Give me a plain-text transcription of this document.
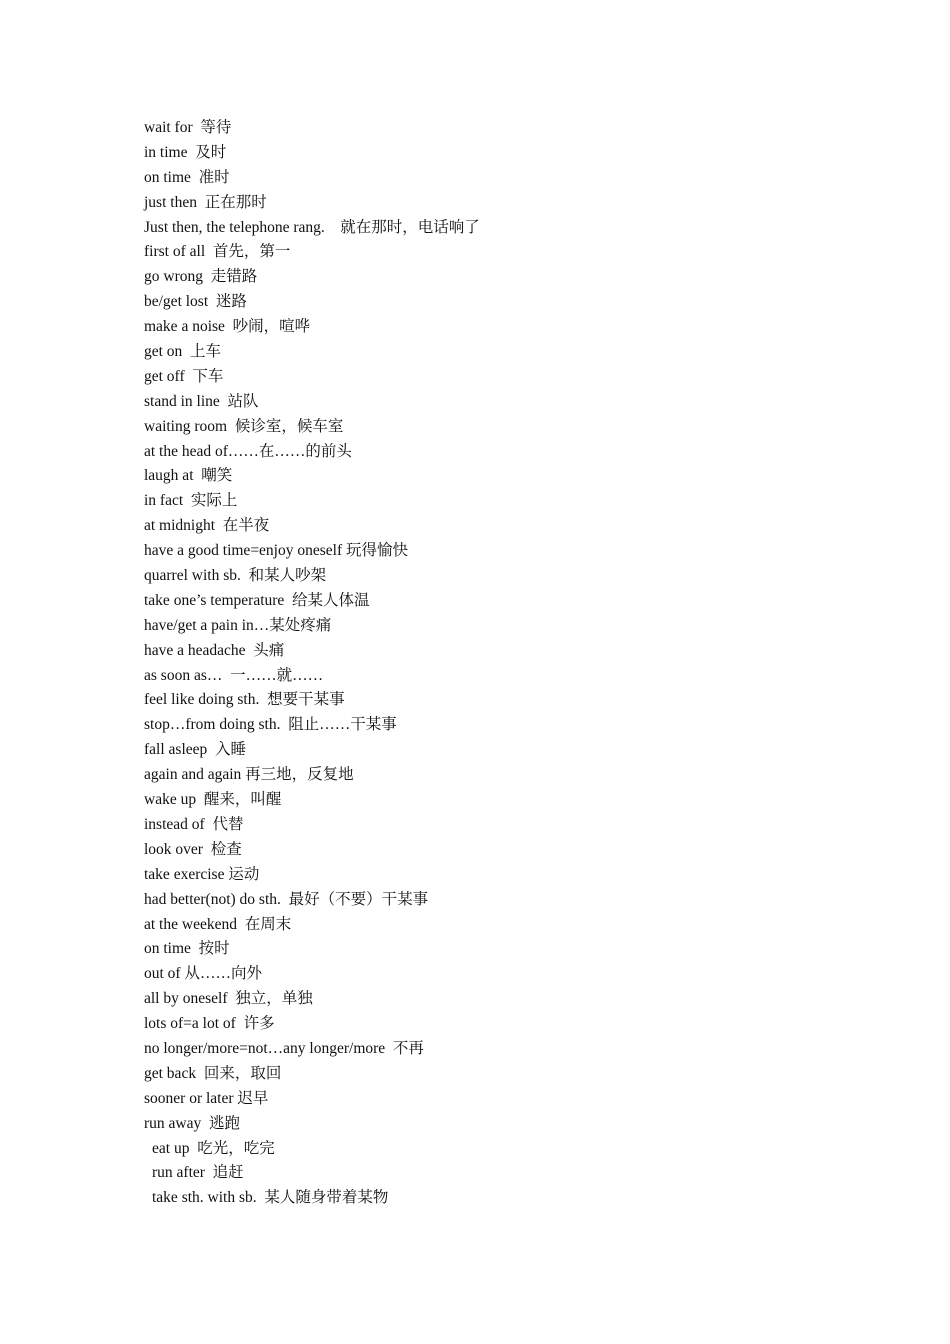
wait for  等待
in time  及时
on time  准时
just then  正在那时
Just then, the telephone rang.    就在那时，电话响了
first of all  首先，第一
go wrong  走错路
be/get lost  迷路
make a noise  吵闹，喧哗
get on  上车
get off  下车
stand in line  站队
waiting room  候诊室，候车室
at the head of……在……的前头
laugh at  嘲笑
in fact  实际上
at midnight  在半夜
have a good time=enjoy oneself 玩得愉快
quarrel with sb.  和某人吵架
take one’s temperature  给某人体温
have/get a pain in…某处疼痛
have a headache  头痛
as soon as…  一……就……
feel like doing sth.  想要干某事
stop…from doing sth.  阻止……干某事
fall asleep  入睡
again and again 再三地，反复地
wake up  醒来，叫醒
instead of  代替
look over  检查
take exercise 运动
had better(not) do sth.  最好（不要）干某事
at the weekend  在周末
on time  按时
out of 从……向外
all by oneself  独立，单独
lots of=a lot of  许多
no longer/more=not…any longer/more  不再
get back  回来，取回
sooner or later 迟早
run away  逃跑
eat up  吃光，吃完
run after  追赶
take sth. with sb.  某人随身带着某物
